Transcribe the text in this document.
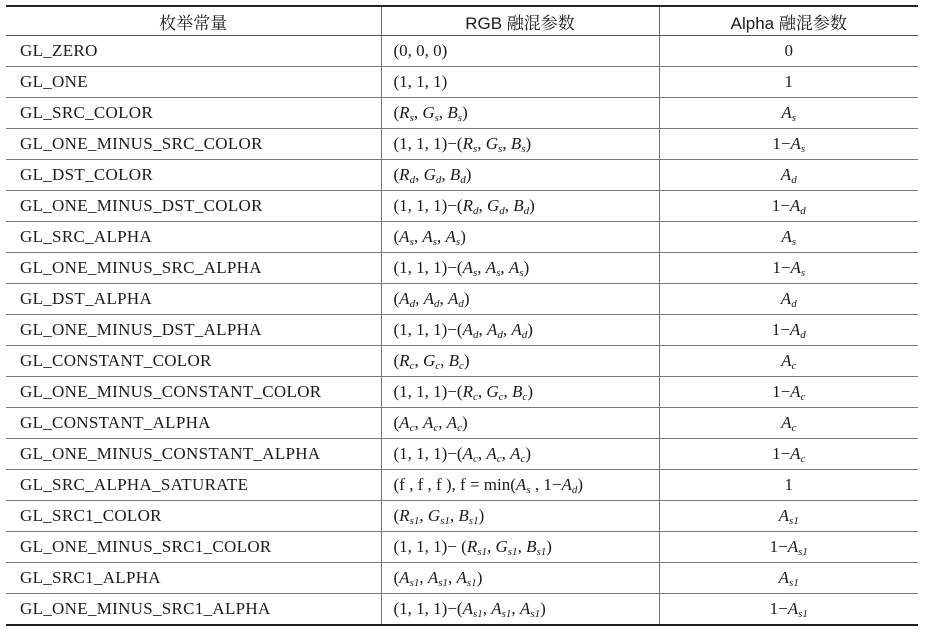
枚举常量	RGB 融混参数	Alpha 融混参数
GL_ZERO	(0, 0, 0)	0
GL_ONE	(1, 1, 1)	1
GL_SRC_COLOR	($R_s$, $G_s$, $B_s$)	$A_s$
GL_ONE_MINUS_SRC_COLOR	(1, 1, $1)-(R_s$, $G_s$, $B_s$)	$1-A_s$
GL_DST_COLOR	($R_d$, $G_d$, $B_d$)	$A_d$
GL_ONE_MINUS_DST_COLOR	(1, 1, $1)-(R_d$, $G_d$, $B_d$)	$1-A_d$
GL_SRC_ALPHA	($A_s$, $A_s$, $A_s$)	$A_s$
GL_ONE_MINUS_SRC_ALPHA	(1, 1, $1)-(A_s$, $A_s$, $A_s$)	$1-A_s$
GL_DST_ALPHA	($A_d$, $A_d$, $A_d$)	$A_d$
GL_ONE_MINUS_DST_ALPHA	(1, 1, $1)-(A_d$, $A_d$, $A_d$)	$1-A_d$
GL_CONSTANT_COLOR	($R_c$, $G_c$, $B_c$)	$A_c$
GL_ONE_MINUS_CONSTANT_COLOR	(1, 1, $1)-(R_c$, $G_c$, $B_c$)	$1-A_c$
GL_CONSTANT_ALPHA	($A_c$, $A_c$, $A_c$)	$A_c$
GL_ONE_MINUS_CONSTANT_ALPHA	(1, 1, $1)-(A_c$, $A_c$, $A_c$)	$1-A_c$
GL_SRC_ALPHA_SATURATE	(f , f , f ), $f = \min(A_s$ , $1-A_d$)	1
GL_SRC1_COLOR	($R_{s1}$, $G_{s1}$, $B_{s1}$)	$A_{s1}$
GL_ONE_MINUS_SRC1_COLOR	(1, 1, $1)- (R_{s1}$, $G_{s1}$, $B_{s1}$)	$1-A_{s1}$
GL_SRC1_ALPHA	($A_{s1}$, $A_{s1}$, $A_{s1}$)	$A_{s1}$
GL_ONE_MINUS_SRC1_ALPHA	(1, 1, $1)-(A_{s1}$, $A_{s1}$, $A_{s1}$)	$1-A_{s1}$
